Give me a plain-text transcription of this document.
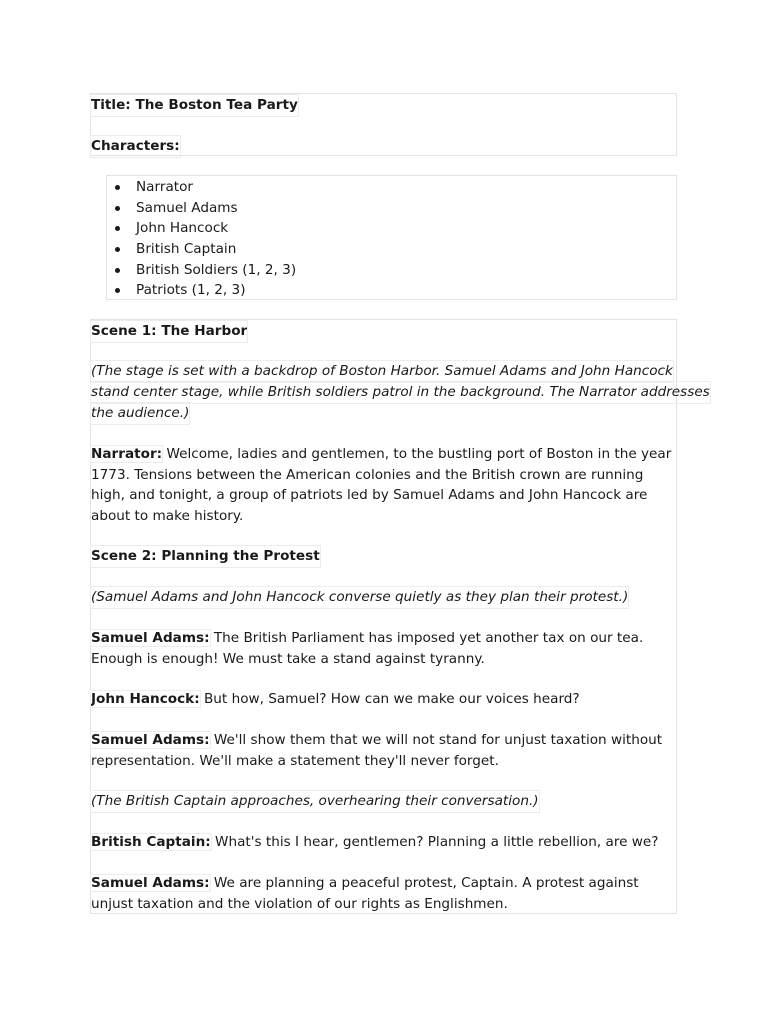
Title: The Boston Tea Party
Characters:
Narrator
Samuel Adams
John Hancock
British Captain
British Soldiers (1, 2, 3)
Patriots (1, 2, 3)
Scene 1: The Harbor
(The stage is set with a backdrop of Boston Harbor. Samuel Adams and John Hancock
stand center stage, while British soldiers patrol in the background. The Narrator addresses
the audience.)

Narrator: Welcome, ladies and gentlemen, to the bustling port of Boston in the year 1773. Tensions between the American colonies and the British crown are running high, and tonight, a group of patriots led by Samuel Adams and John Hancock are about to make history.

Scene 2: Planning the Protest
(Samuel Adams and John Hancock converse quietly as they plan their protest.)

Samuel Adams: The British Parliament has imposed yet another tax on our tea. Enough is enough! We must take a stand against tyranny.

John Hancock: But how, Samuel? How can we make our voices heard?

Samuel Adams: We'll show them that we will not stand for unjust taxation without representation. We'll make a statement they'll never forget.

(The British Captain approaches, overhearing their conversation.)

British Captain: What's this I hear, gentlemen? Planning a little rebellion, are we?

Samuel Adams: We are planning a peaceful protest, Captain. A protest against unjust taxation and the violation of our rights as Englishmen.
